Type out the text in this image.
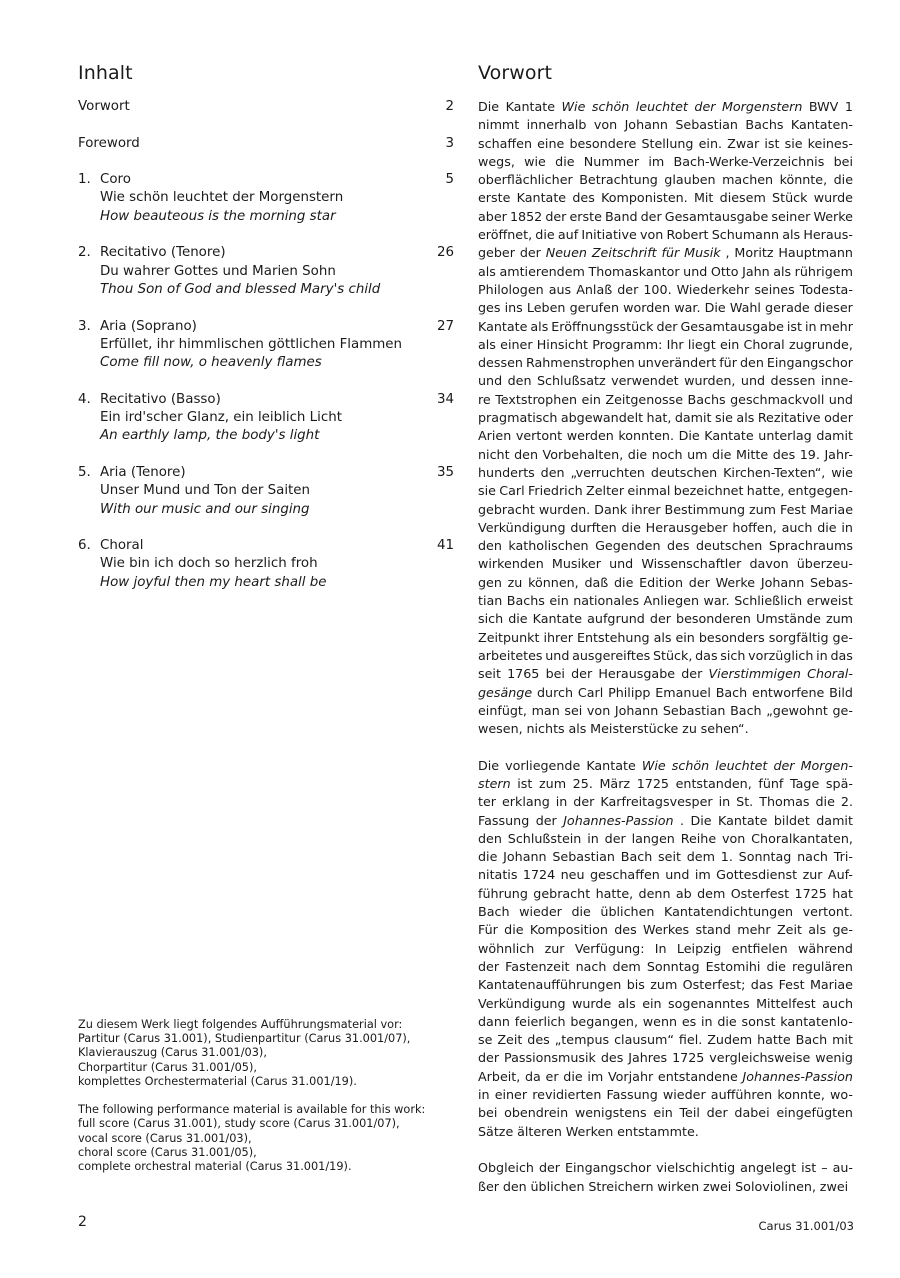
Inhalt	Vorwort
Vorwort	2
Foreword	3
1. Coro	5
Wie schön leuchtet der Morgenstern
How beauteous is the morning star
2. Recitativo (Tenore)	26
Du wahrer Gottes und Marien Sohn
Thou Son of God and blessed Mary's child
3. Aria (Soprano)	27
Erfüllet, ihr himmlischen göttlichen Flammen
Come fill now, o heavenly flames
4. Recitativo (Basso)	34
Ein ird'scher Glanz, ein leiblich Licht
An earthly lamp, the body's light
5. Aria (Tenore)	35
Unser Mund und Ton der Saiten
With our music and our singing
6. Choral	41
Wie bin ich doch so herzlich froh
How joyful then my heart shall be
Zu diesem Werk liegt folgendes Aufführungsmaterial vor:
Partitur (Carus 31.001), Studienpartitur (Carus 31.001/07),
Klavierauszug (Carus 31.001/03),
Chorpartitur (Carus 31.001/05),
komplettes Orchestermaterial (Carus 31.001/19).
The following performance material is available for this work:
full score (Carus 31.001), study score (Carus 31.001/07),
vocal score (Carus 31.001/03),
choral score (Carus 31.001/05),
complete orchestral material (Carus 31.001/19).
Die Kantate Wie schön leuchtet der Morgenstern BWV 1
nimmt innerhalb von Johann Sebastian Bachs Kantaten-
schaffen eine besondere Stellung ein. Zwar ist sie keines-
wegs, wie die Nummer im Bach-Werke-Verzeichnis bei
oberflächlicher Betrachtung glauben machen könnte, die
erste Kantate des Komponisten. Mit diesem Stück wurde
aber 1852 der erste Band der Gesamtausgabe seiner Werke
eröffnet, die auf Initiative von Robert Schumann als Heraus-
geber der Neuen Zeitschrift für Musik , Moritz Hauptmann
als amtierendem Thomaskantor und Otto Jahn als rührigem
Philologen aus Anlaß der 100. Wiederkehr seines Todesta-
ges ins Leben gerufen worden war. Die Wahl gerade dieser
Kantate als Eröffnungsstück der Gesamtausgabe ist in mehr
als einer Hinsicht Programm: Ihr liegt ein Choral zugrunde,
dessen Rahmenstrophen unverändert für den Eingangschor
und den Schlußsatz verwendet wurden, und dessen inne-
re Textstrophen ein Zeitgenosse Bachs geschmackvoll und
pragmatisch abgewandelt hat, damit sie als Rezitative oder
Arien vertont werden konnten. Die Kantate unterlag damit
nicht den Vorbehalten, die noch um die Mitte des 19. Jahr-
hunderts den „verruchten deutschen Kirchen-Texten“, wie
sie Carl Friedrich Zelter einmal bezeichnet hatte, entgegen-
gebracht wurden. Dank ihrer Bestimmung zum Fest Mariae
Verkündigung durften die Herausgeber hoffen, auch die in
den katholischen Gegenden des deutschen Sprachraums
wirkenden Musiker und Wissenschaftler davon überzeu-
gen zu können, daß die Edition der Werke Johann Sebas-
tian Bachs ein nationales Anliegen war. Schließlich erweist
sich die Kantate aufgrund der besonderen Umstände zum
Zeitpunkt ihrer Entstehung als ein besonders sorgfältig ge-
arbeitetes und ausgereiftes Stück, das sich vorzüglich in das
seit 1765 bei der Herausgabe der Vierstimmigen Choral-
gesänge durch Carl Philipp Emanuel Bach entworfene Bild
einfügt, man sei von Johann Sebastian Bach „gewohnt ge-
wesen, nichts als Meisterstücke zu sehen“.
Die vorliegende Kantate Wie schön leuchtet der Morgen-
stern ist zum 25. März 1725 entstanden, fünf Tage spä-
ter erklang in der Karfreitagsvesper in St. Thomas die 2.
Fassung der Johannes-Passion . Die Kantate bildet damit
den Schlußstein in der langen Reihe von Choralkantaten,
die Johann Sebastian Bach seit dem 1. Sonntag nach Tri-
nitatis 1724 neu geschaffen und im Gottesdienst zur Auf-
führung gebracht hatte, denn ab dem Osterfest 1725 hat
Bach wieder die üblichen Kantatendichtungen vertont.
Für die Komposition des Werkes stand mehr Zeit als ge-
wöhnlich zur Verfügung: In Leipzig entfielen während
der Fastenzeit nach dem Sonntag Estomihi die regulären
Kantatenaufführungen bis zum Osterfest; das Fest Mariae
Verkündigung wurde als ein sogenanntes Mittelfest auch
dann feierlich begangen, wenn es in die sonst kantatenlo-
se Zeit des „tempus clausum“ fiel. Zudem hatte Bach mit
der Passionsmusik des Jahres 1725 vergleichsweise wenig
Arbeit, da er die im Vorjahr entstandene Johannes-Passion
in einer revidierten Fassung wieder aufführen konnte, wo-
bei obendrein wenigstens ein Teil der dabei eingefügten
Sätze älteren Werken entstammte.
Obgleich der Eingangschor vielschichtig angelegt ist – au-
ßer den üblichen Streichern wirken zwei Soloviolinen, zwei
2	Carus 31.001/03
